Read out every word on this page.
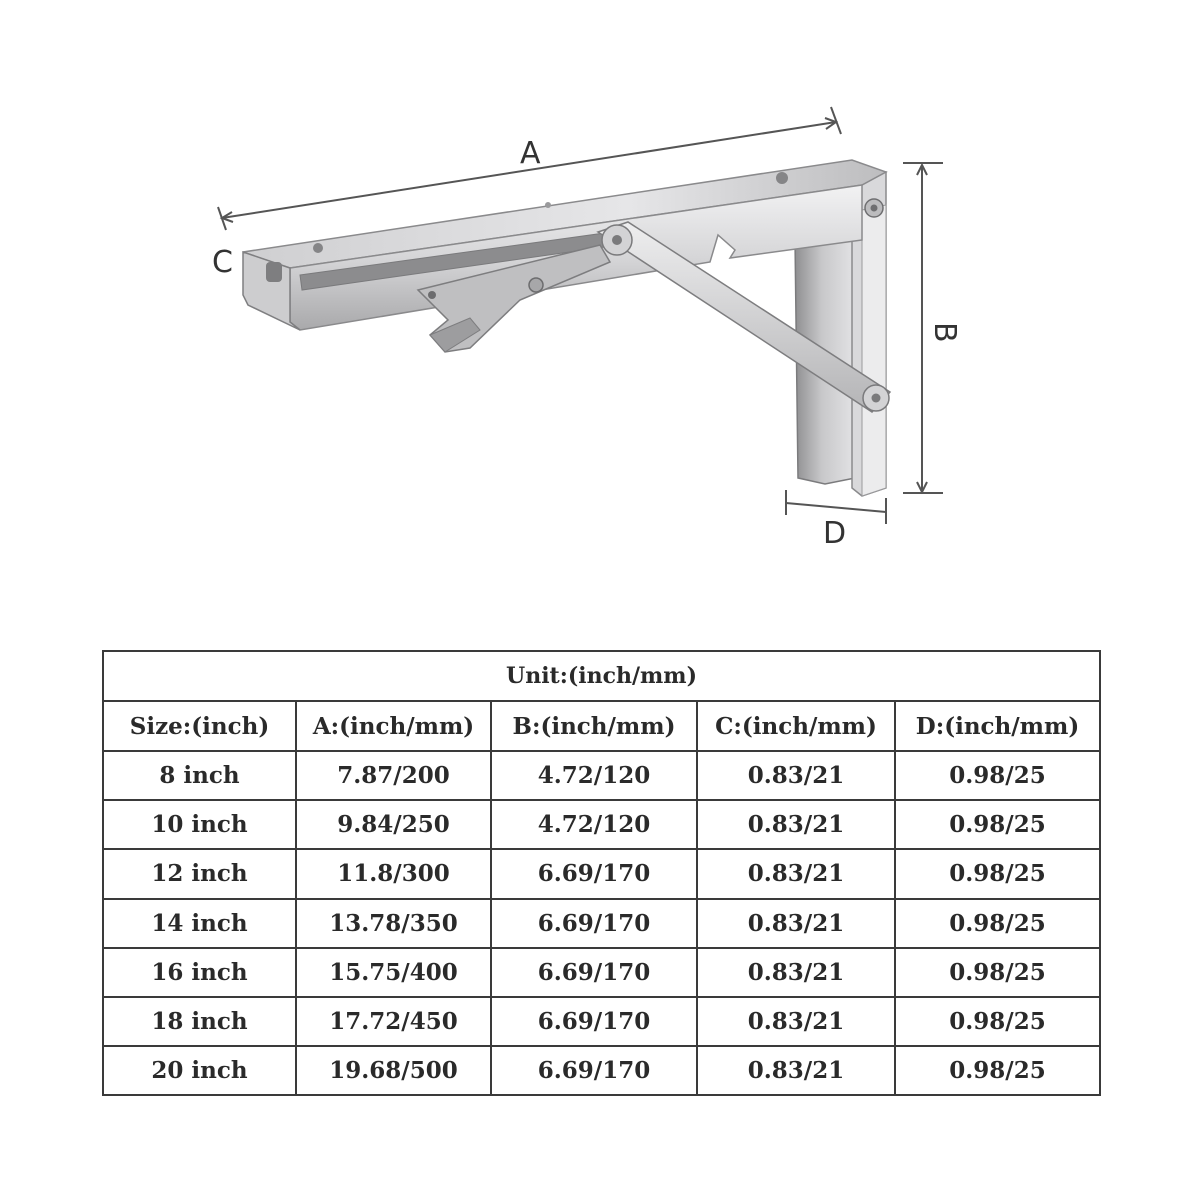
A
B
C
D
Unit:(inch/mm)				
Size:(inch)	A:(inch/mm)	B:(inch/mm)	C:(inch/mm)	D:(inch/mm)
8 inch	7.87/200	4.72/120	0.83/21	0.98/25
10 inch	9.84/250	4.72/120	0.83/21	0.98/25
12 inch	11.8/300	6.69/170	0.83/21	0.98/25
14 inch	13.78/350	6.69/170	0.83/21	0.98/25
16 inch	15.75/400	6.69/170	0.83/21	0.98/25
18 inch	17.72/450	6.69/170	0.83/21	0.98/25
20 inch	19.68/500	6.69/170	0.83/21	0.98/25
